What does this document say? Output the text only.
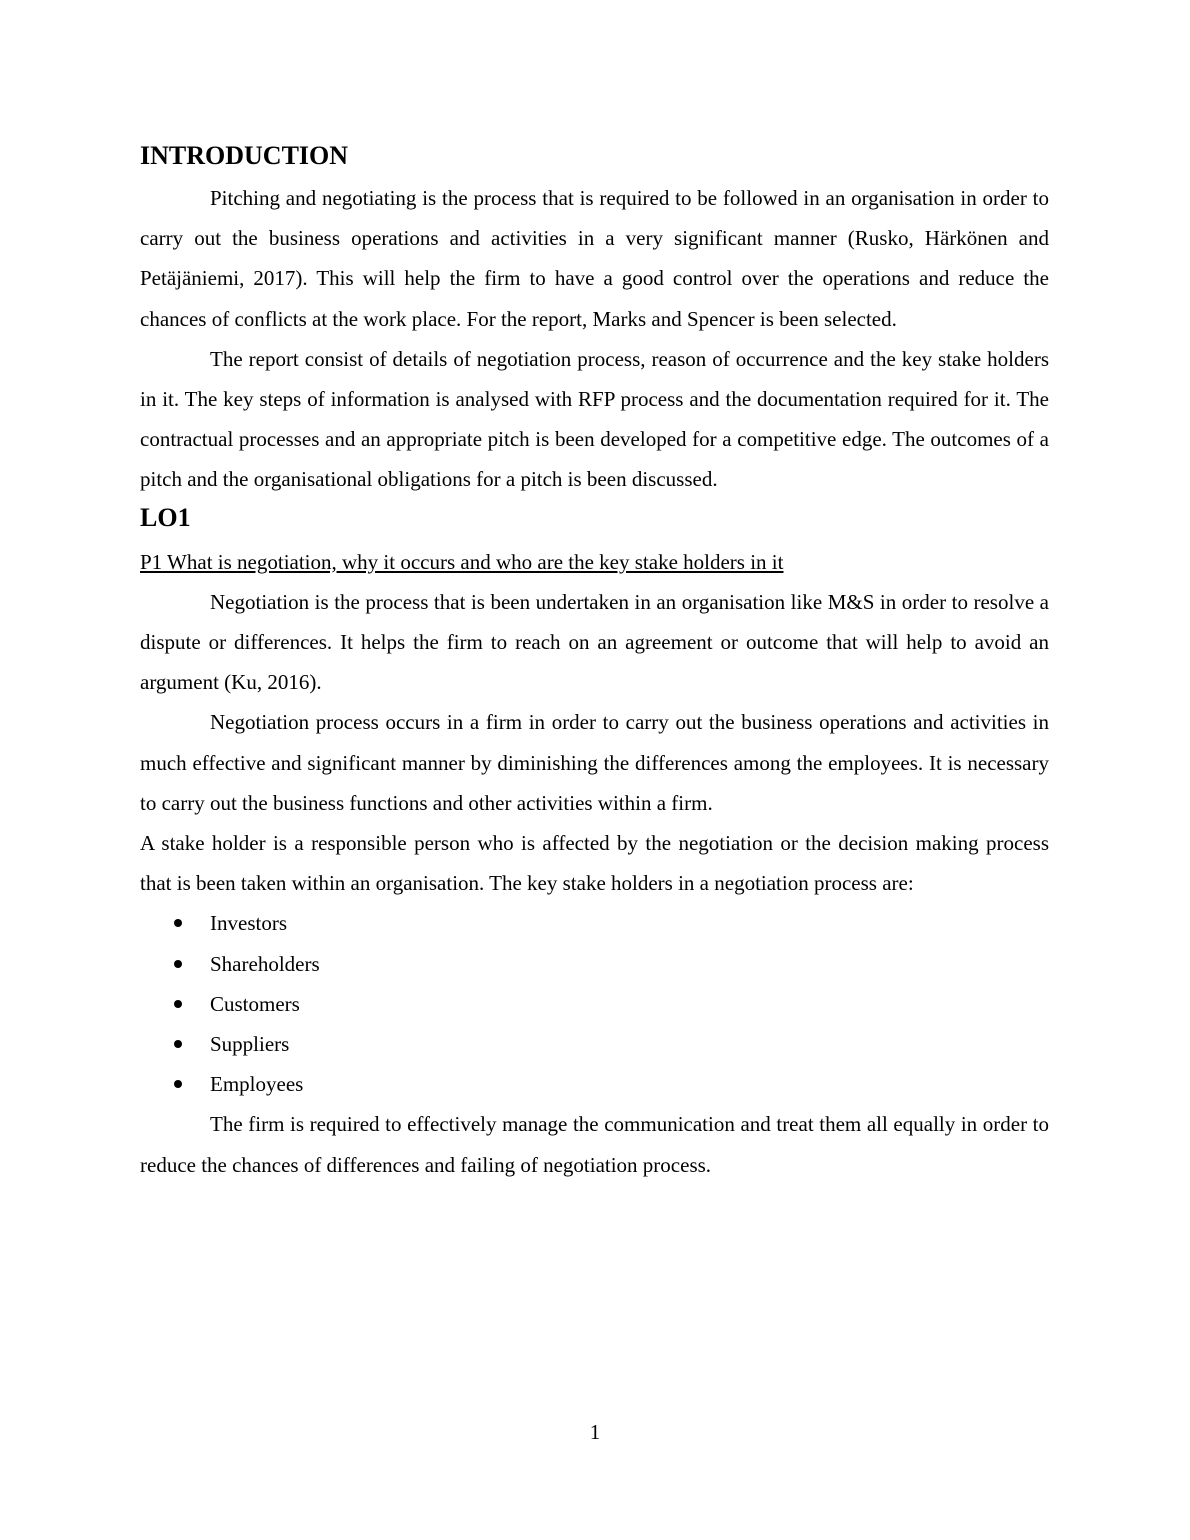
INTRODUCTION

Pitching and negotiating is the process that is required to be followed in an organisation in order to carry out the business operations and activities in a very significant manner (Rusko, Härkönen and Petäjäniemi, 2017). This will help the firm to have a good control over the operations and reduce the chances of conflicts at the work place. For the report, Marks and Spencer is been selected.

The report consist of details of negotiation process, reason of occurrence and the key stake holders in it. The key steps of information is analysed with RFP process and the documentation required for it. The contractual processes and an appropriate pitch is been developed for a competitive edge. The outcomes of a pitch and the organisational obligations for a pitch is been discussed.

LO1

P1 What is negotiation, why it occurs and who are the key stake holders in it

Negotiation is the process that is been undertaken in an organisation like M&S in order to resolve a dispute or differences. It helps the firm to reach on an agreement or outcome that will help to avoid an argument (Ku, 2016).

Negotiation process occurs in a firm in order to carry out the business operations and activities in much effective and significant manner by diminishing the differences among the employees. It is necessary to carry out the business functions and other activities within a firm.

A stake holder is a responsible person who is affected by the negotiation or the decision making process that is been taken within an organisation. The key stake holders in a negotiation process are:

Investors
Shareholders
Customers
Suppliers
Employees

The firm is required to effectively manage the communication and treat them all equally in order to reduce the chances of differences and failing of negotiation process.

1
